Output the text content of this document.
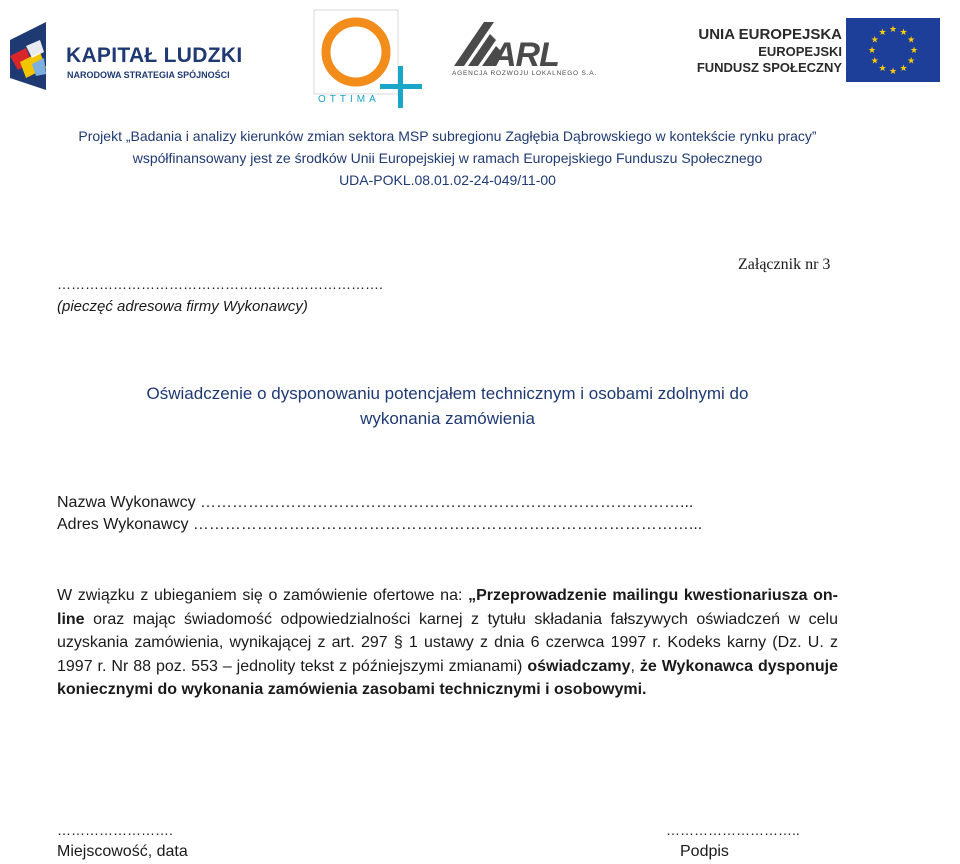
KAPITAŁ LUDZKI
NARODOWA STRATEGIA SPÓJNOŚCI
OTTIMA
ARL
AGENCJA ROZWOJU LOKALNEGO S.A.
UNIA EUROPEJSKA
EUROPEJSKI
FUNDUSZ SPOŁECZNY
★ ★
★
★
★
★
★
★
★
★
★
★
Projekt „Badania i analizy kierunków zmian sektora MSP subregionu Zagłębia Dąbrowskiego w kontekście rynku pracy”
współfinansowany jest ze środków Unii Europejskiej w ramach Europejskiego Funduszu Społecznego
UDA-POKL.08.01.02-24-049/11-00
…………………………………………………………….
(pieczęć adresowa firmy Wykonawcy)
Załącznik nr 3
Oświadczenie o dysponowaniu potencjałem technicznym i osobami zdolnymi do
wykonania zamówienia
Nazwa Wykonawcy ………………………………………………………………………………...
Adres Wykonawcy …………………………………………………………………………………...
W związku z ubieganiem się o zamówienie ofertowe na: „Przeprowadzenie mailingu kwestionariusza on-line oraz mając świadomość odpowiedzialności karnej z tytułu składania fałszywych oświadczeń w celu uzyskania zamówienia, wynikającej z art. 297 § 1 ustawy z dnia 6 czerwca 1997 r. Kodeks karny (Dz. U. z 1997 r. Nr 88 poz. 553 – jednolity tekst z późniejszymi zmianami) oświadczamy, że Wykonawca dysponuje koniecznymi do wykonania zamówienia zasobami technicznymi i osobowymi.
…………………….
Miejscowość, data
………………………..
Podpis
